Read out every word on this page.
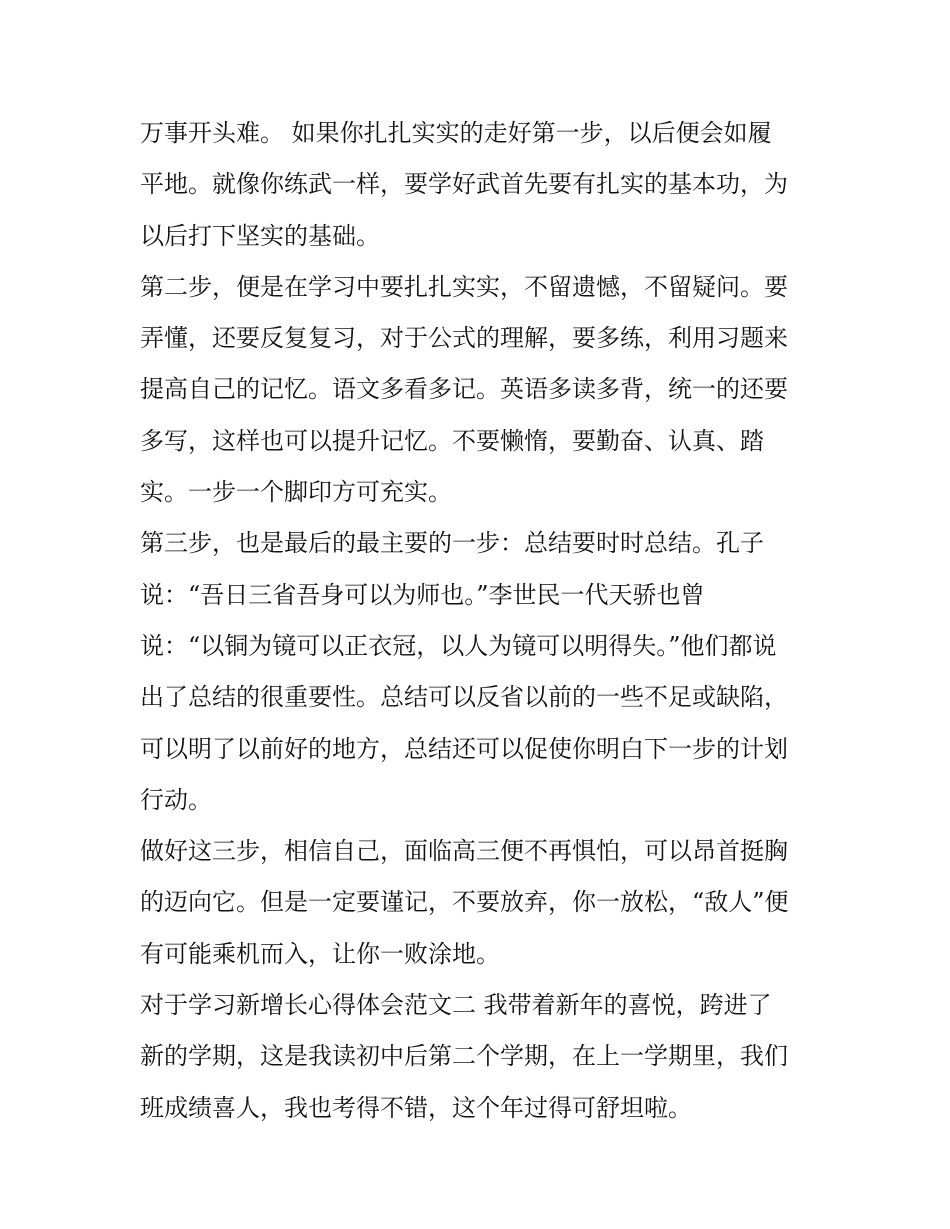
万事开头难。 如果你扎扎实实的走好第一步，以后便会如履
平地。就像你练武一样，要学好武首先要有扎实的基本功，为
以后打下坚实的基础。
第二步，便是在学习中要扎扎实实，不留遗憾，不留疑问。要
弄懂，还要反复复习，对于公式的理解，要多练，利用习题来
提高自己的记忆。语文多看多记。英语多读多背，统一的还要
多写，这样也可以提升记忆。不要懒惰，要勤奋、认真、踏
实。一步一个脚印方可充实。
第三步，也是最后的最主要的一步：总结要时时总结。孔子
说：“吾日三省吾身可以为师也。”李世民一代天骄也曾
说：“以铜为镜可以正衣冠，以人为镜可以明得失。”他们都说
出了总结的很重要性。总结可以反省以前的一些不足或缺陷，
可以明了以前好的地方，总结还可以促使你明白下一步的计划
行动。
做好这三步，相信自己，面临高三便不再惧怕，可以昂首挺胸
的迈向它。但是一定要谨记，不要放弃，你一放松，“敌人”便
有可能乘机而入，让你一败涂地。
对于学习新增长心得体会范文二 我带着新年的喜悦，跨进了
新的学期，这是我读初中后第二个学期，在上一学期里，我们
班成绩喜人，我也考得不错，这个年过得可舒坦啦。
